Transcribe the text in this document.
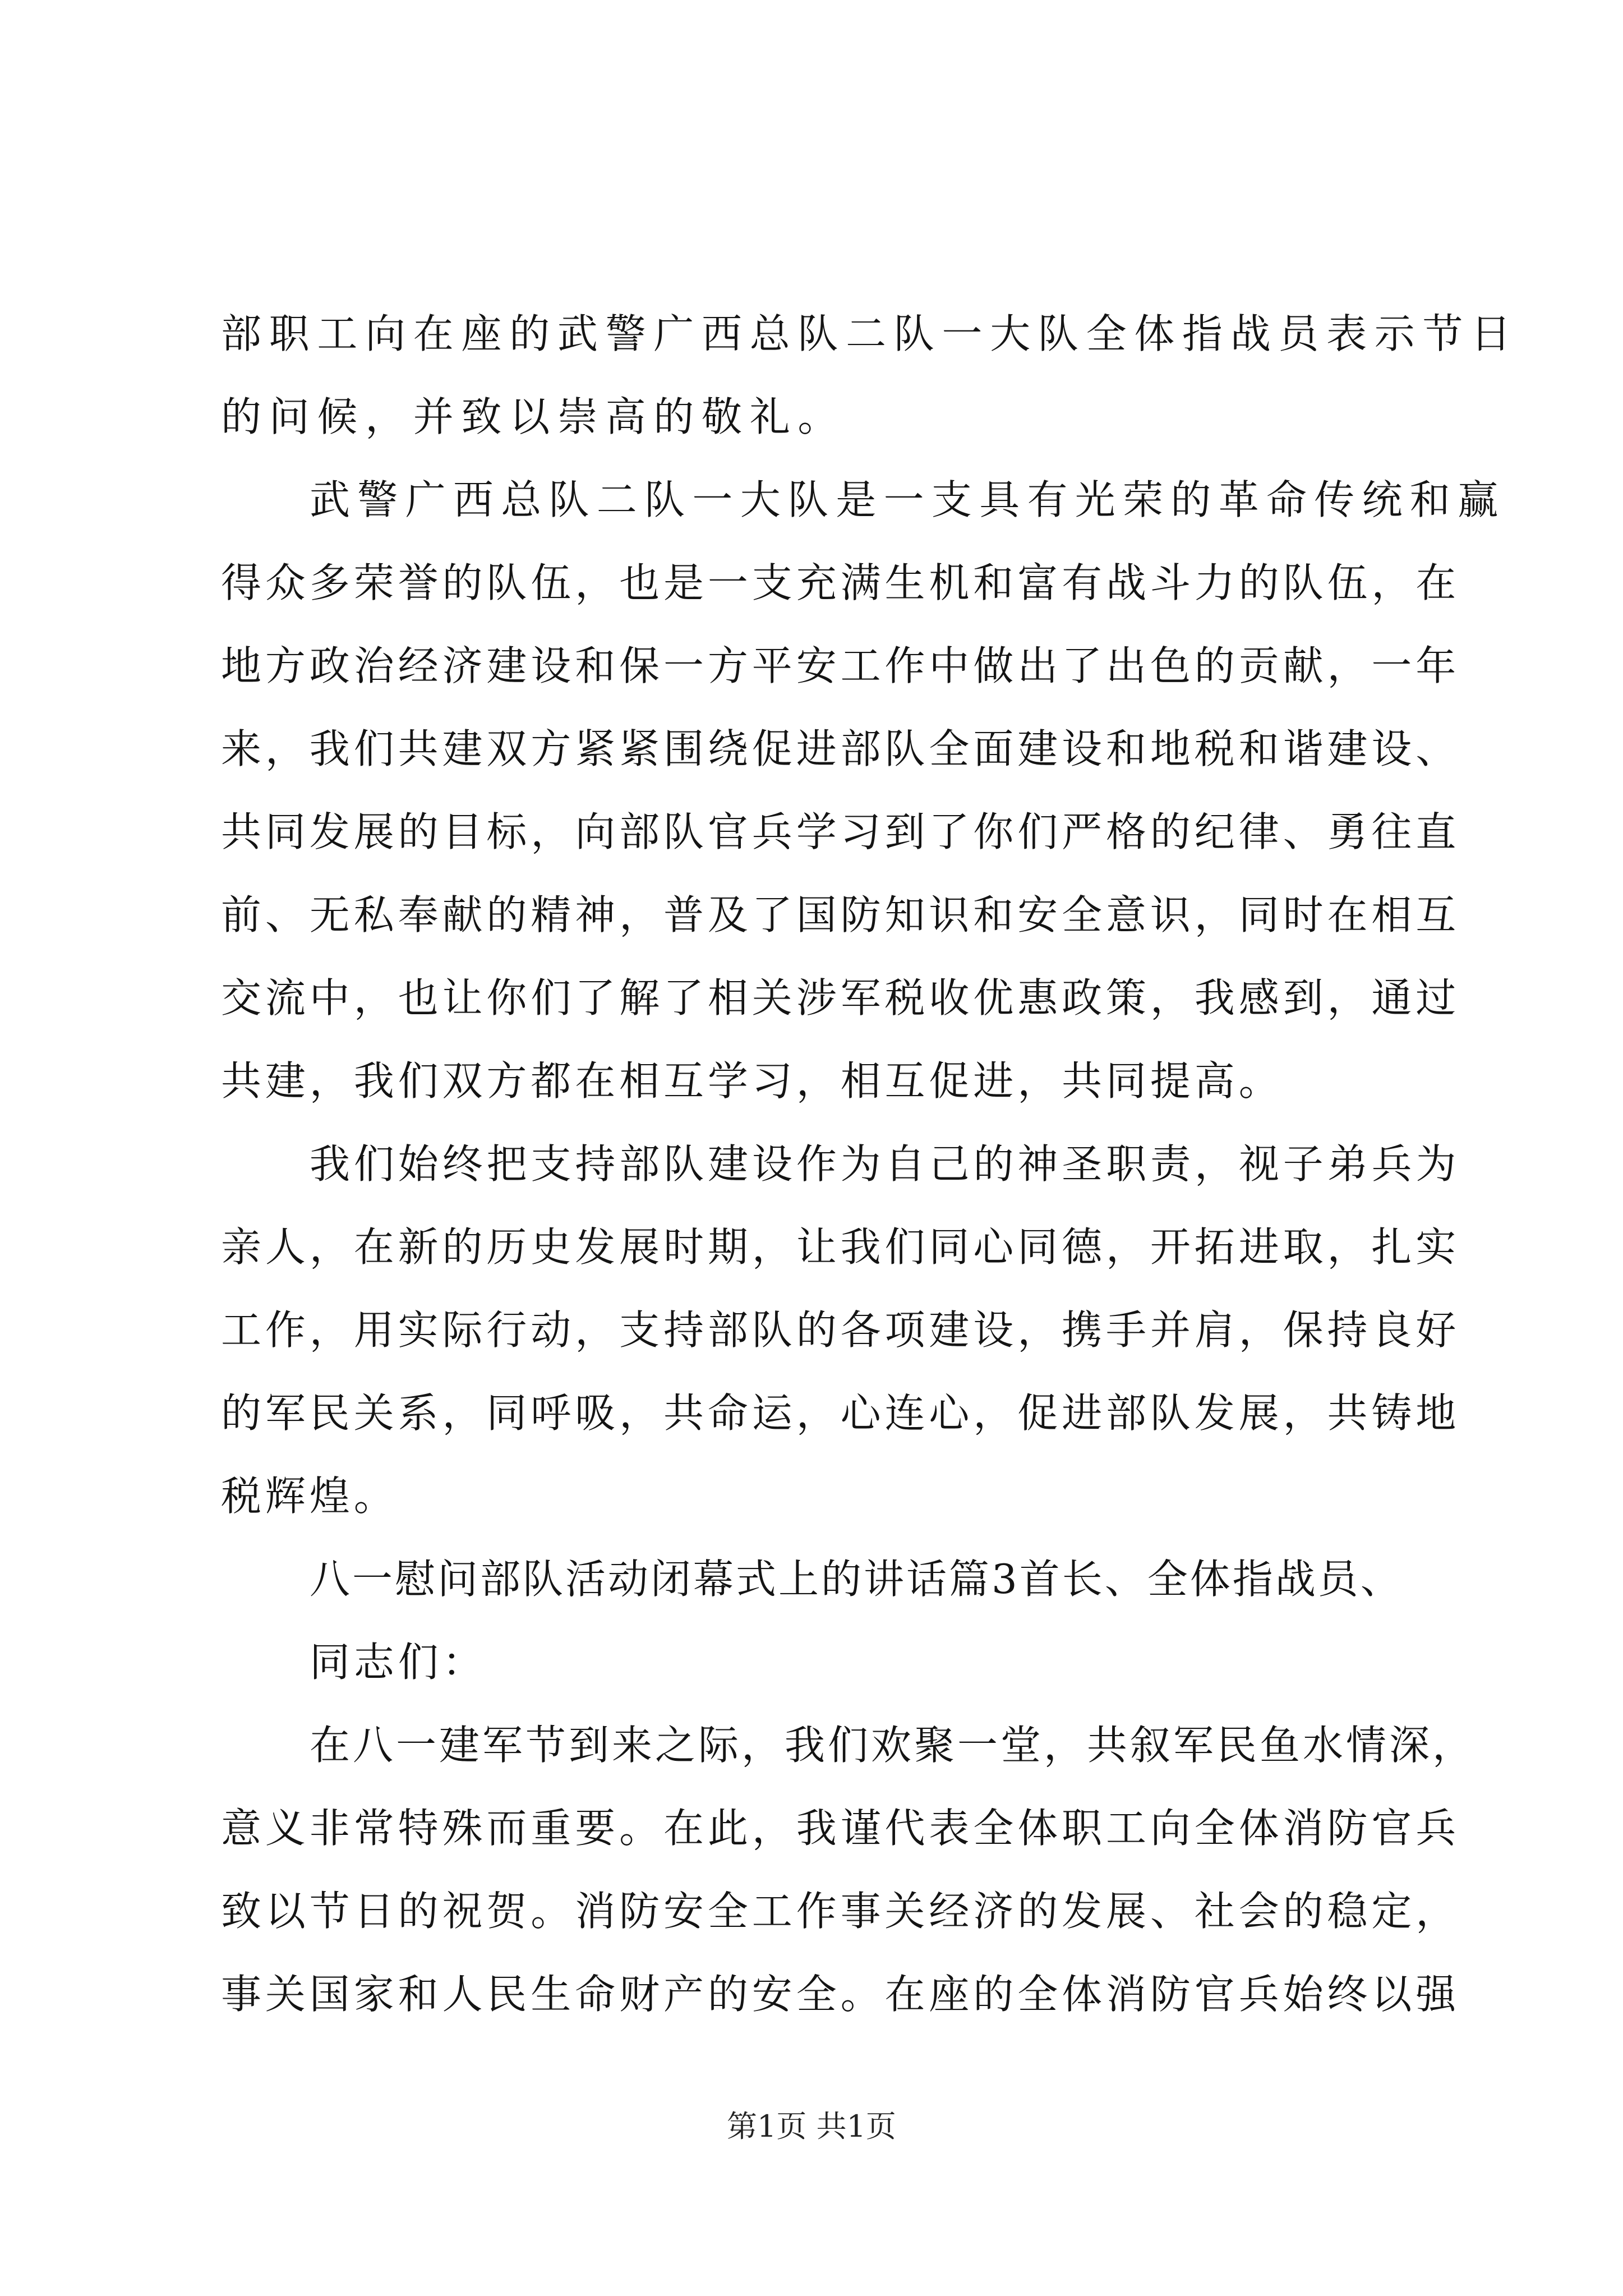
部职工向在座的武警广西总队二队一大队全体指战员表示节日
的问候，并致以崇高的敬礼。
武警广西总队二队一大队是一支具有光荣的革命传统和赢
得众多荣誉的队伍，也是一支充满生机和富有战斗力的队伍，在
地方政治经济建设和保一方平安工作中做出了出色的贡献，一年
来，我们共建双方紧紧围绕促进部队全面建设和地税和谐建设、
共同发展的目标，向部队官兵学习到了你们严格的纪律、勇往直
前、无私奉献的精神，普及了国防知识和安全意识，同时在相互
交流中，也让你们了解了相关涉军税收优惠政策，我感到，通过
共建，我们双方都在相互学习，相互促进，共同提高。
我们始终把支持部队建设作为自己的神圣职责，视子弟兵为
亲人，在新的历史发展时期，让我们同心同德，开拓进取，扎实
工作，用实际行动，支持部队的各项建设，携手并肩，保持良好
的军民关系，同呼吸，共命运，心连心，促进部队发展，共铸地
税辉煌。
八一慰问部队活动闭幕式上的讲话篇3首长、全体指战员、
同志们：
在八一建军节到来之际，我们欢聚一堂，共叙军民鱼水情深，
意义非常特殊而重要。在此，我谨代表全体职工向全体消防官兵
致以节日的祝贺。消防安全工作事关经济的发展、社会的稳定，
事关国家和人民生命财产的安全。在座的全体消防官兵始终以强
第1页 共1页
